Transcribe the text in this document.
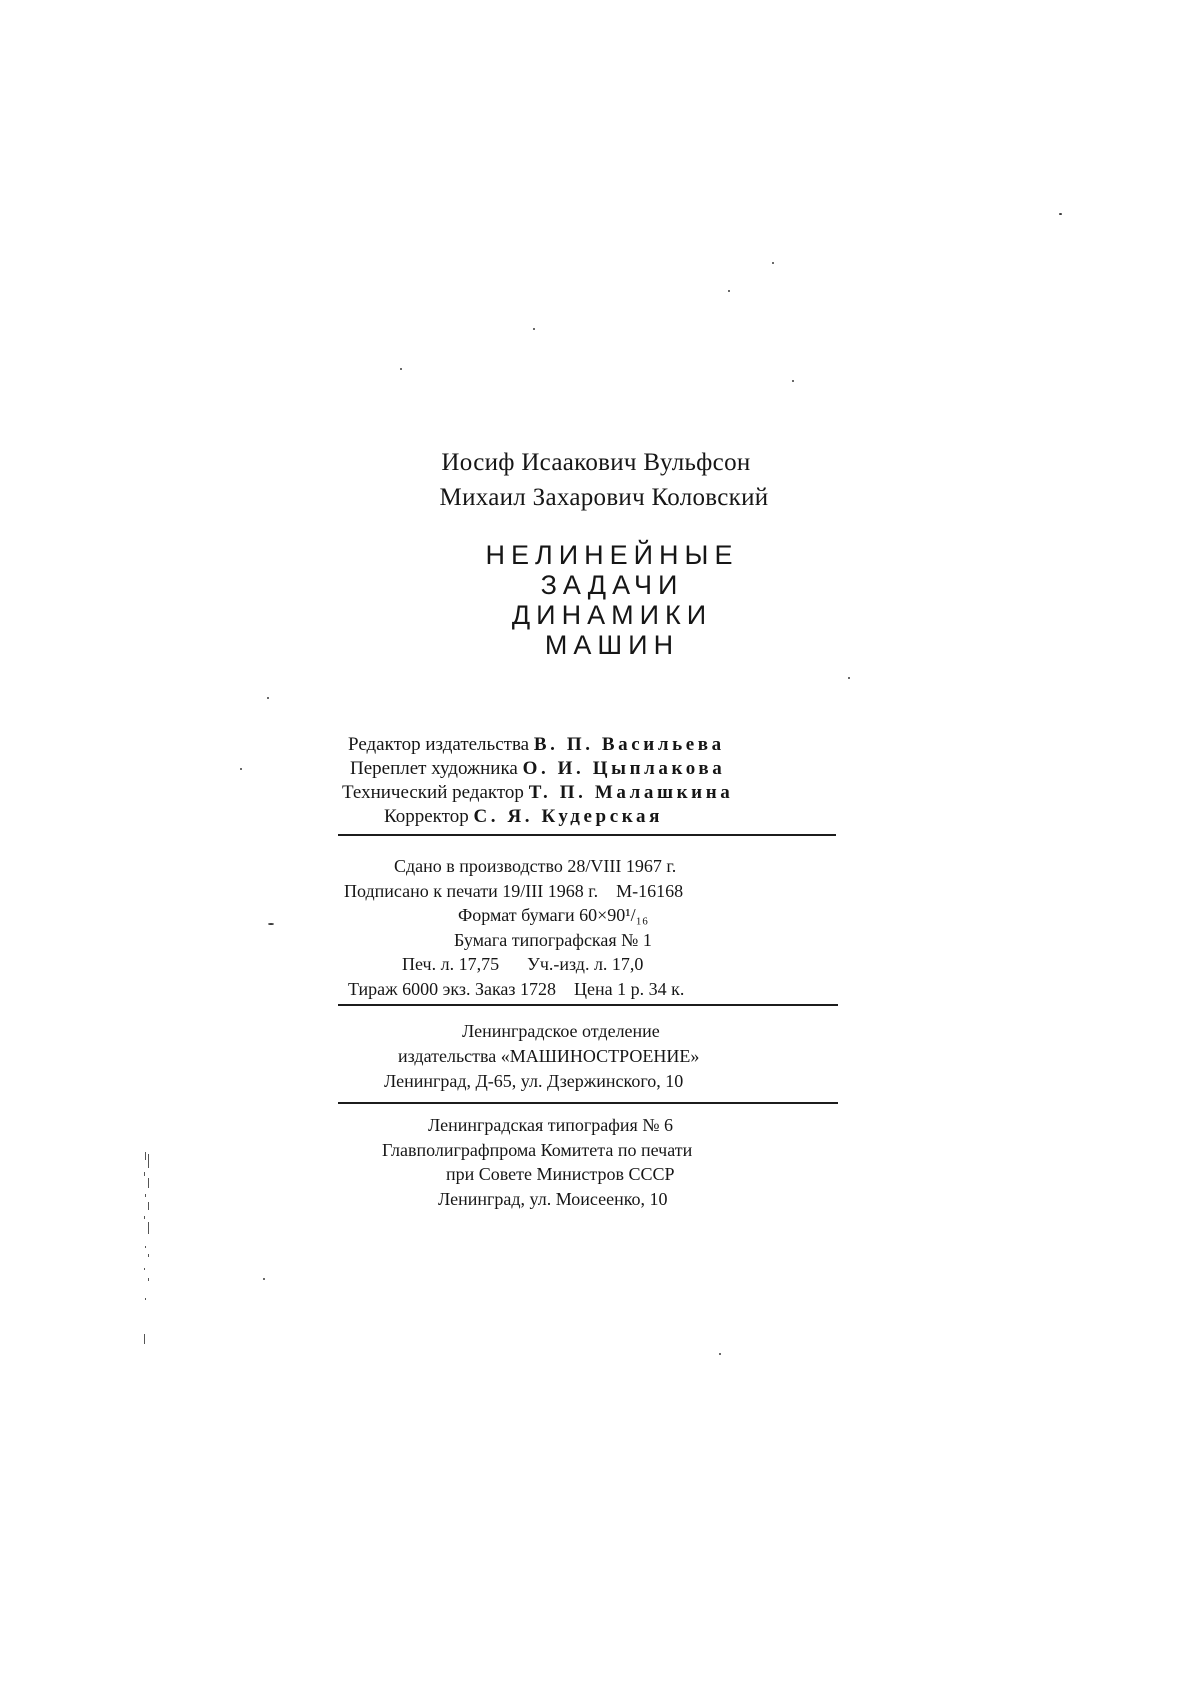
Иосиф Исаакович Вульфсон
Михаил Захарович Коловский
НЕЛИНЕЙНЫЕ
ЗАДАЧИ
ДИНАМИКИ
МАШИН
Редактор издательства В. П. Васильева
Переплет художника О. И. Цыплакова
Технический редактор Т. П. Малашкина
Корректор С. Я. Кудерская
Сдано в производство 28/VIII 1967 г.
Подписано к печати 19/III 1968 г. М-16168
Формат бумаги 60×90¹/₁₆
Бумага типографская № 1
Печ. л. 17,75 Уч.-изд. л. 17,0
Тираж 6000 экз. Заказ 1728 Цена 1 р. 34 к.
Ленинградское отделение
издательства «МАШИНОСТРОЕНИЕ»
Ленинград, Д-65, ул. Дзержинского, 10
Ленинградская типография № 6
Главполиграфпрома Комитета по печати
при Совете Министров СССР
Ленинград, ул. Моисеенко, 10
